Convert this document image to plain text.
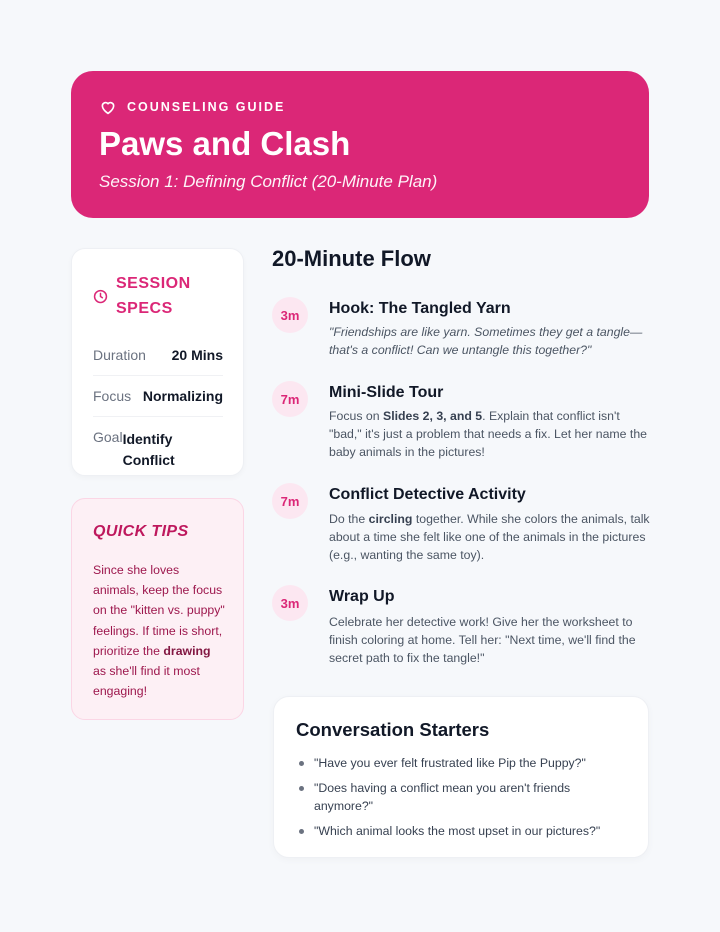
COUNSELING GUIDE
Paws and Clash
Session 1: Defining Conflict (20-Minute Plan)
SESSION SPECS
Duration 20 Mins
Focus Normalizing
Goal Identify Conflict
QUICK TIPS
Since she loves animals, keep the focus on the "kitten vs. puppy" feelings. If time is short, prioritize the drawing as she'll find it most engaging!
20-Minute Flow
3m	Hook: The Tangled Yarn
"Friendships are like yarn. Sometimes they get a tangle—that's a conflict! Can we untangle this together?"
7m	Mini-Slide Tour
Focus on Slides 2, 3, and 5. Explain that conflict isn't "bad," it's just a problem that needs a fix. Let her name the baby animals in the pictures!
7m	Conflict Detective Activity
Do the circling together. While she colors the animals, talk about a time she felt like one of the animals in the pictures (e.g., wanting the same toy).
3m	Wrap Up
Celebrate her detective work! Give her the worksheet to finish coloring at home. Tell her: "Next time, we'll find the secret path to fix the tangle!"
Conversation Starters
"Have you ever felt frustrated like Pip the Puppy?"
"Does having a conflict mean you aren't friends anymore?"
"Which animal looks the most upset in our pictures?"
